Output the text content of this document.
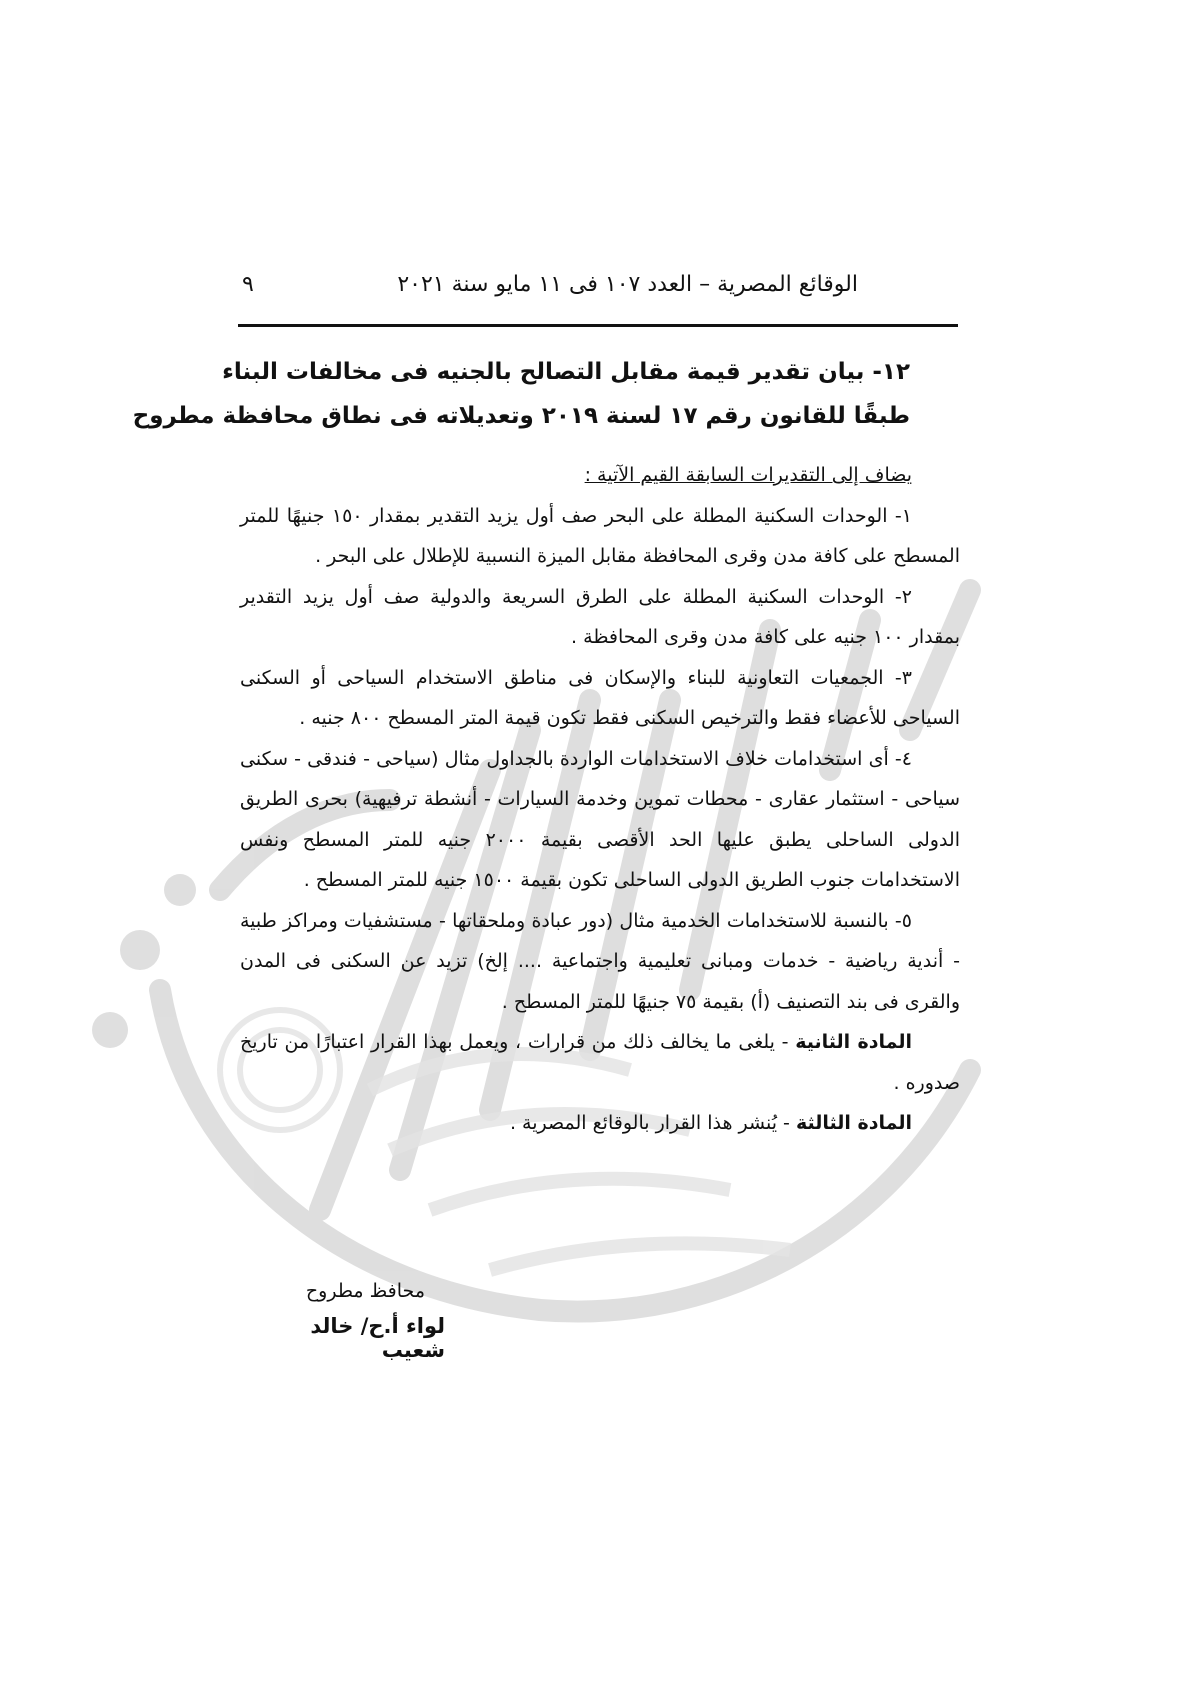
الوقائع المصرية – العدد ١٠٧ فى ١١ مايو سنة ٢٠٢١
٩
١٢- بيان تقدير قيمة مقابل التصالح بالجنيه فى مخالفات البناء
طبقًا للقانون رقم ١٧ لسنة ٢٠١٩ وتعديلاته فى نطاق محافظة مطروح

يضاف إلى التقديرات السابقة القيم الآتية :

١- الوحدات السكنية المطلة على البحر صف أول يزيد التقدير بمقدار ١٥٠ جنيهًا للمتر المسطح على كافة مدن وقرى المحافظة مقابل الميزة النسبية للإطلال على البحر .

٢- الوحدات السكنية المطلة على الطرق السريعة والدولية صف أول يزيد التقدير بمقدار ١٠٠ جنيه على كافة مدن وقرى المحافظة .

٣- الجمعيات التعاونية للبناء والإسكان فى مناطق الاستخدام السياحى أو السكنى السياحى للأعضاء فقط والترخيص السكنى فقط تكون قيمة المتر المسطح ٨٠٠ جنيه .

٤- أى استخدامات خلاف الاستخدامات الواردة بالجداول مثال (سياحى - فندقى - سكنى سياحى - استثمار عقارى - محطات تموين وخدمة السيارات - أنشطة ترفيهية) بحرى الطريق الدولى الساحلى يطبق عليها الحد الأقصى بقيمة ٢٠٠٠ جنيه للمتر المسطح ونفس الاستخدامات جنوب الطريق الدولى الساحلى تكون بقيمة ١٥٠٠ جنيه للمتر المسطح .

٥- بالنسبة للاستخدامات الخدمية مثال (دور عبادة وملحقاتها - مستشفيات ومراكز طبية - أندية رياضية - خدمات ومبانى تعليمية واجتماعية .... إلخ) تزيد عن السكنى فى المدن والقرى فى بند التصنيف (أ) بقيمة ٧٥ جنيهًا للمتر المسطح .

المادة الثانية - يلغى ما يخالف ذلك من قرارات ، ويعمل بهذا القرار اعتبارًا من تاريخ صدوره .

المادة الثالثة - يُنشر هذا القرار بالوقائع المصرية .

محافظ مطروح
لواء أ.ح/ خالد شعيب
